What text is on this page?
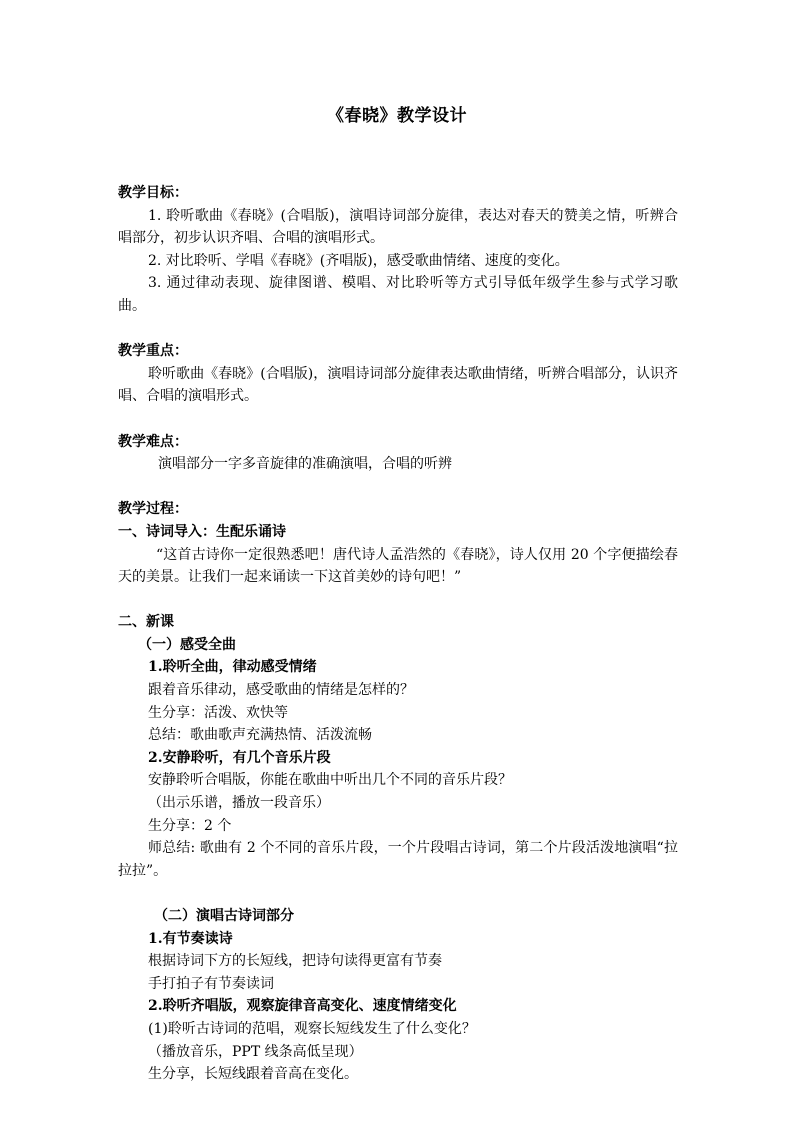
《春晓》教学设计

教学目标：

1. 聆听歌曲《春晓》(合唱版)，演唱诗词部分旋律，表达对春天的赞美之情，听辨合唱部分，初步认识齐唱、合唱的演唱形式。

2. 对比聆听、学唱《春晓》(齐唱版)，感受歌曲情绪、速度的变化。

3. 通过律动表现、旋律图谱、模唱、对比聆听等方式引导低年级学生参与式学习歌曲。

教学重点：

聆听歌曲《春晓》(合唱版)，演唱诗词部分旋律表达歌曲情绪，听辨合唱部分，认识齐唱、合唱的演唱形式。

教学难点：

演唱部分一字多音旋律的准确演唱，合唱的听辨

教学过程：

一、诗词导入：生配乐诵诗

“这首古诗你一定很熟悉吧！唐代诗人孟浩然的《春晓》，诗人仅用 20 个字便描绘春天的美景。让我们一起来诵读一下这首美妙的诗句吧！”

二、新课

（一）感受全曲

1.聆听全曲，律动感受情绪

跟着音乐律动，感受歌曲的情绪是怎样的？

生分享：活泼、欢快等

总结：歌曲歌声充满热情、活泼流畅

2.安静聆听，有几个音乐片段

安静聆听合唱版，你能在歌曲中听出几个不同的音乐片段？

（出示乐谱，播放一段音乐）

生分享：2 个

师总结: 歌曲有 2 个不同的音乐片段，一个片段唱古诗词，第二个片段活泼地演唱“拉拉拉”。

（二）演唱古诗词部分

1.有节奏读诗

根据诗词下方的长短线，把诗句读得更富有节奏

手打拍子有节奏读词

2.聆听齐唱版，观察旋律音高变化、速度情绪变化

(1)聆听古诗词的范唱，观察长短线发生了什么变化？

（播放音乐，PPT 线条高低呈现）

生分享，长短线跟着音高在变化。
